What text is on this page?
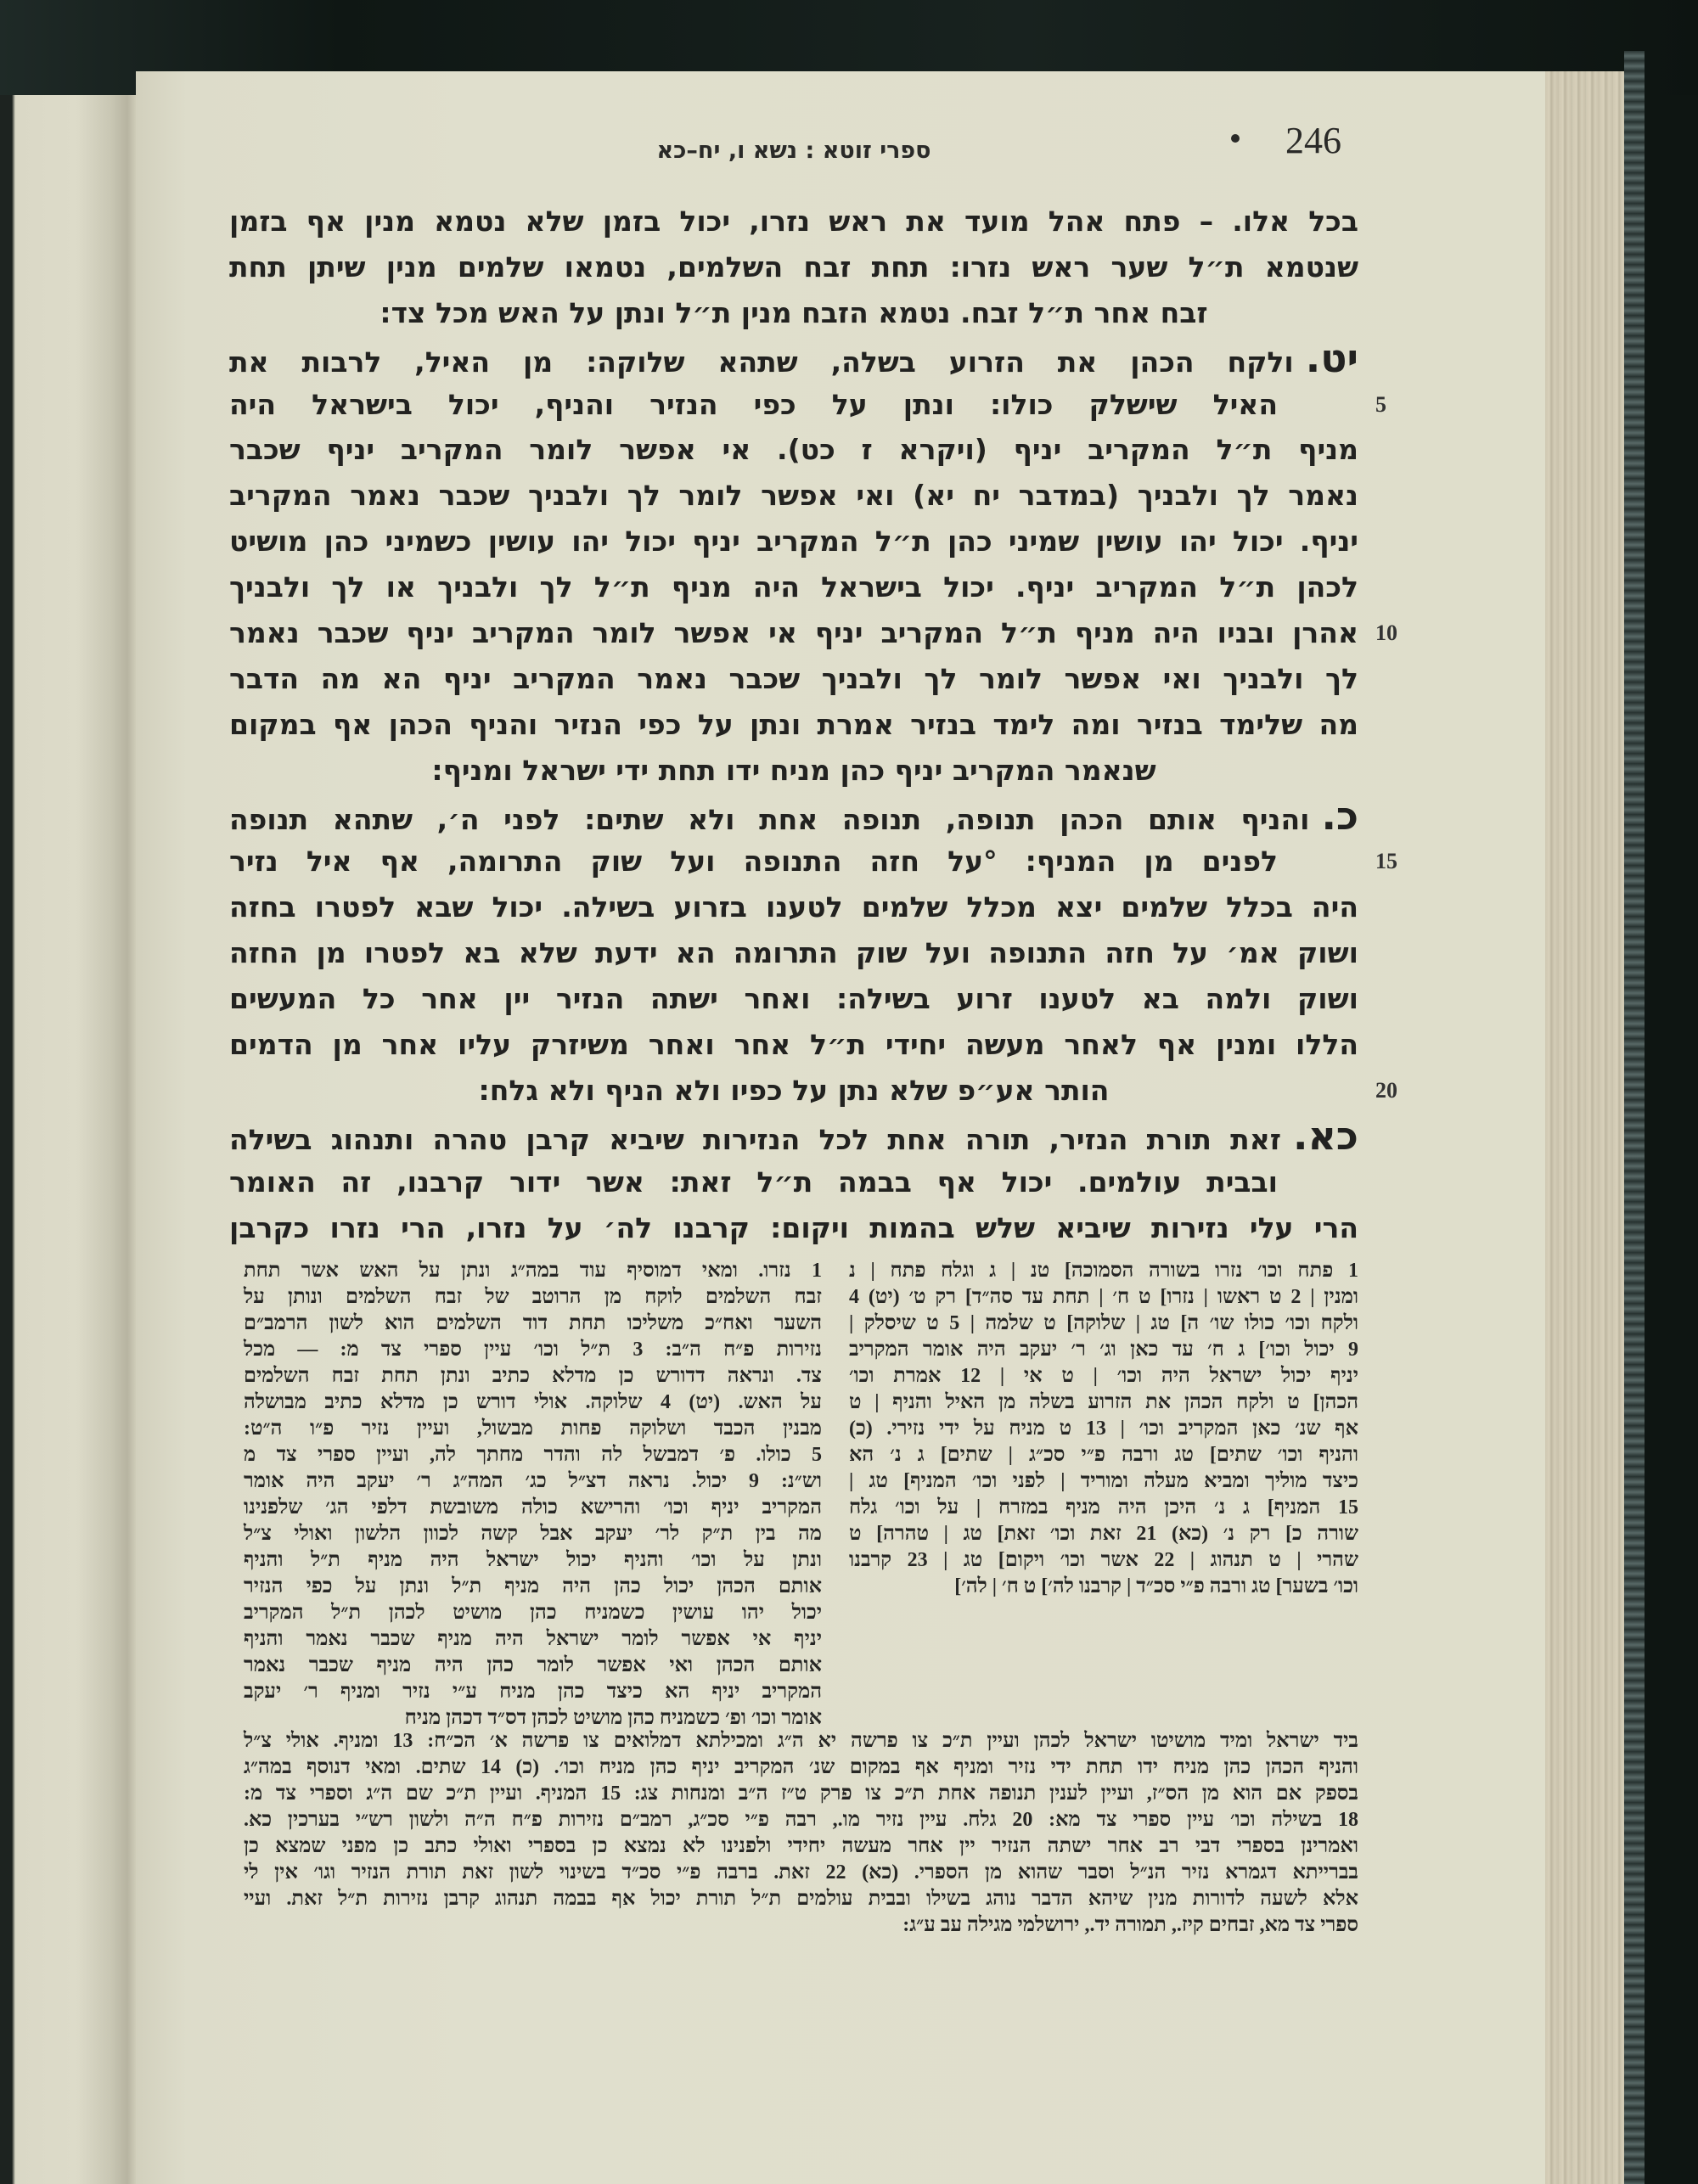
246
ספרי זוטא : נשא ו, יח–כא
בכל אלו. – פתח אהל מועד את ראש נזרו, יכול בזמן שלא נטמא מנין אף בזמן
שנטמא ת״ל שער ראש נזרו: תחת זבח השלמים, נטמאו שלמים מנין שיתן תחת
זבח אחר ת״ל זבח. נטמא הזבח מנין ת״ל ונתן על האש מכל צד:
יט.ולקח הכהן את הזרוע בשלה, שתהא שלוקה: מן האיל, לרבות את
האיל שישלק כולו: ונתן על כפי הנזיר והניף, יכול בישראל היה	5
מניף ת״ל המקריב יניף (ויקרא ז כט). אי אפשר לומר המקריב יניף שכבר
נאמר לך ולבניך (במדבר יח יא) ואי אפשר לומר לך ולבניך שכבר נאמר המקריב
יניף. יכול יהו עושין שמיני כהן ת״ל המקריב יניף יכול יהו עושין כשמיני כהן מושיט
לכהן ת״ל המקריב יניף. יכול בישראל היה מניף ת״ל לך ולבניך או לך ולבניך
אהרן ובניו היה מניף ת״ל המקריב יניף אי אפשר לומר המקריב יניף שכבר נאמר 10
לך ולבניך ואי אפשר לומר לך ולבניך שכבר נאמר המקריב יניף הא מה הדבר
מה שלימד בנזיר ומה לימד בנזיר אמרת ונתן על כפי הנזיר והניף הכהן אף במקום
שנאמר המקריב יניף כהן מניח ידו תחת ידי ישראל ומניף:
כ.והניף אותם הכהן תנופה, תנופה אחת ולא שתים: לפני ה׳, שתהא תנופה
לפנים מן המניף: °על חזה התנופה ועל שוק התרומה, אף איל נזיר	15
היה בכלל שלמים יצא מכלל שלמים לטענו בזרוע בשילה. יכול שבא לפטרו בחזה
ושוק אמ׳ על חזה התנופה ועל שוק התרומה הא ידעת שלא בא לפטרו מן החזה
ושוק ולמה בא לטענו זרוע בשילה: ואחר ישתה הנזיר יין אחר כל המעשים
הללו ומנין אף לאחר מעשה יחידי ת״ל אחר ואחר משיזרק עליו אחר מן הדמים
הותר אע״פ שלא נתן על כפיו ולא הניף ולא גלח:	20
כא.זאת תורת הנזיר, תורה אחת לכל הנזירות שיביא קרבן טהרה ותנהוג בשילה
ובבית עולמים. יכול אף בבמה ת״ל זאת: אשר ידור קרבנו, זה האומר
הרי עלי נזירות שיביא שלש בהמות ויקום: קרבנו לה׳ על נזרו, הרי נזרו כקרבן
1 פתח וכו׳ נזרו בשורה הסמוכה] טנ | ג וגלח פתח | נ
ומנין | 2 ט ראשו | נזרו] ט ח׳ | תחת עד סה״ד] רק ט׳ (יט) 4
ולקח וכו׳ כולו שו׳ ה] טג | שלוקה] ט שלמה | 5 ט שיסלק |
9 יכול וכו׳] ג ח׳ עד כאן וג׳ ר׳ יעקב היה אומר המקריב
יניף יכול ישראל היה וכו׳ | ט אי | 12 אמרת וכו׳
הכהן] ט ולקח הכהן את הזרוע בשלה מן האיל והניף | ט
אף שנ׳ כאן המקריב וכו׳ | 13 ט מניח על ידי נזירי. (כ)
והניף וכו׳ שתים] טג ורבה פ״י סכ״ג | שתים] ג נ׳ הא
כיצד מוליך ומביא מעלה ומוריד | לפני וכו׳ המניף] טג |
15 המניף] ג נ׳ היכן היה מניף במזרח | על וכו׳ גלח
שורה כ] רק נ׳ (כא) 21 זאת וכו׳ זאת] טג | טהרה] ט
שהרי | ט תנהוג | 22 אשר וכו׳ ויקום] טג | 23 קרבנו
וכו׳ בשער] טג ורבה פ״י סכ״ד | קרבנו לה׳] ט ח׳ | לה׳]
1 נזרו. ומאי דמוסיף עוד במה״ג ונתן על האש אשר תחת
זבח השלמים לוקח מן הרוטב של זבח השלמים ונותן על
השער ואח״כ משליכו תחת דוד השלמים הוא לשון הרמב״ם
נזירות פ״ח ה״ב: 3 ת״ל וכו׳ עיין ספרי צד מ: — מכל
צד. ונראה דדורש כן מדלא כתיב ונתן תחת זבח השלמים
על האש. (יט) 4 שלוקה. אולי דורש כן מדלא כתיב מבושלה
מבנין הכבד ושלוקה פחות מבשול, ועיין נזיר פ״ו ה״ט:
5 כולו. פ׳ דמבשל לה והדר מחתך לה, ועיין ספרי צד מ
וש״נ: 9 יכול. נראה דצ״ל כג׳ המה״ג ר׳ יעקב היה אומר
המקריב יניף וכו׳ והרישא כולה משובשת דלפי הג׳ שלפנינו
מה בין ת״ק לר׳ יעקב אבל קשה לכוון הלשון ואולי צ״ל
ונתן על וכו׳ והניף יכול ישראל היה מניף ת״ל והניף
אותם הכהן יכול כהן היה מניף ת״ל ונתן על כפי הנזיר
יכול יהו עושין כשמניח כהן מושיט לכהן ת״ל המקריב
יניף אי אפשר לומר ישראל היה מניף שכבר נאמר והניף
אותם הכהן ואי אפשר לומר כהן היה מניף שכבר נאמר
המקריב יניף הא כיצד כהן מניח ע״י נזיר ומניף ר׳ יעקב
אומר וכו׳ ופ׳ כשמניח כהן מושיט לכהן דס״ד דכהן מניח
ביד ישראל ומיד מושיטו ישראל לכהן ועיין ת״כ צו פרשה יא ה״ג ומכילתא דמלואים צו פרשה א׳ הכ״ח: 13 ומניף. אולי צ״ל
והניף הכהן כהן מניח ידו תחת ידי נזיר ומניף אף במקום שנ׳ המקריב יניף כהן מניח וכו׳. (כ) 14 שתים. ומאי דנוסף במה״ג
בספק אם הוא מן הס״ז, ועיין לענין תנופה אחת ת״כ צו פרק ט״ז ה״ב ומנחות צג: 15 המניף. ועיין ת״כ שם ה״ג וספרי צד מ:
18 בשילה וכו׳ עיין ספרי צד מא: 20 גלח. עיין נזיר מו., רבה פ״י סכ״ג, רמב״ם נזירות פ״ח ה״ה ולשון רש״י בערכין כא.
ואמרינן בספרי דבי רב אחר ישתה הנזיר יין אחר מעשה יחידי ולפנינו לא נמצא כן בספרי ואולי כתב כן מפני שמצא כן
בברייתא דגמרא נזיר הנ״ל וסבר שהוא מן הספרי. (כא) 22 זאת. ברבה פ״י סכ״ד בשינוי לשון זאת תורת הנזיר וגו׳ אין לי
אלא לשעה לדורות מנין שיהא הדבר נוהג בשילו ובבית עולמים ת״ל תורת יכול אף בבמה תנהוג קרבן נזירות ת״ל זאת. ועיי
ספרי צד מא, זבחים קיז., תמורה יד., ירושלמי מגילה עב ע״ג:
